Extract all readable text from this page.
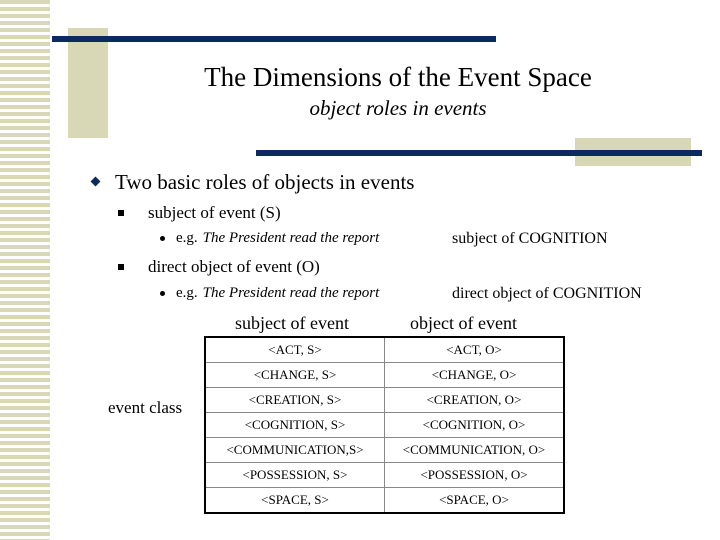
The Dimensions of the Event Space
object roles in events
Two basic roles of objects in events
subject of event (S)
e.g. The President read the report	subject of COGNITION
direct object of event (O)
e.g. The President read the report	direct object of COGNITION
subject of event	object of event
event class
<ACT, S>	<ACT, O>
<CHANGE, S>	<CHANGE, O>
<CREATION, S>	<CREATION, O>
<COGNITION, S>	<COGNITION, O>
<COMMUNICATION,S>	<COMMUNICATION, O>
<POSSESSION, S>	<POSSESSION, O>
<SPACE, S>	<SPACE, O>
